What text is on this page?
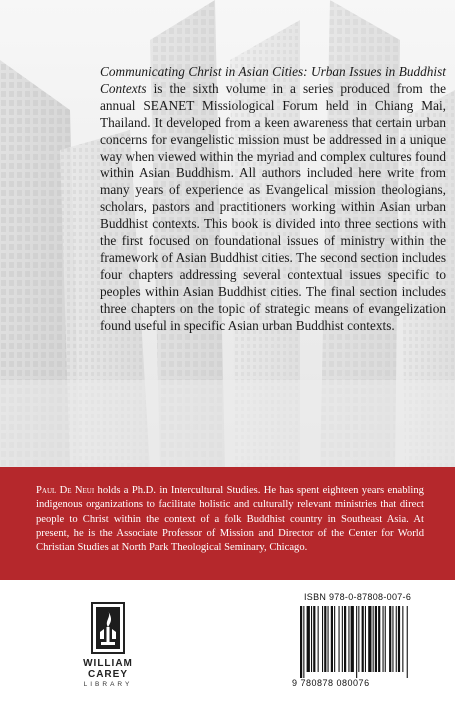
Communicating Christ in Asian Cities: Urban Issues in Buddhist Contexts is the sixth volume in a series produced from the annual SEANET Missiological Forum held in Chiang Mai, Thailand. It developed from a keen awareness that certain urban concerns for evangelistic mission must be addressed in a unique way when viewed within the myriad and complex cultures found within Asian Buddhism. All authors included here write from many years of experience as Evangelical mission theologians, scholars, pastors and practitioners working within Asian urban Buddhist contexts. This book is divided into three sections with the first focused on foundational issues of ministry within the framework of Asian Buddhist cities. The second section includes four chapters addressing several contextual issues specific to peoples within Asian Buddhist cities. The final section includes three chapters on the topic of strategic means of evangelization found useful in specific Asian urban Buddhist contexts.

Paul De Neui holds a Ph.D. in Intercultural Studies. He has spent eighteen years enabling indigenous organizations to facilitate holistic and culturally relevant ministries that direct people to Christ within the context of a folk Buddhist country in Southeast Asia. At present, he is the Associate Professor of Mission and Director of the Center for World Christian Studies at North Park Theological Seminary, Chicago.

WILLIAM CAREY
LIBRARY
ISBN 978-0-87808-007-6
9 780878 080076
